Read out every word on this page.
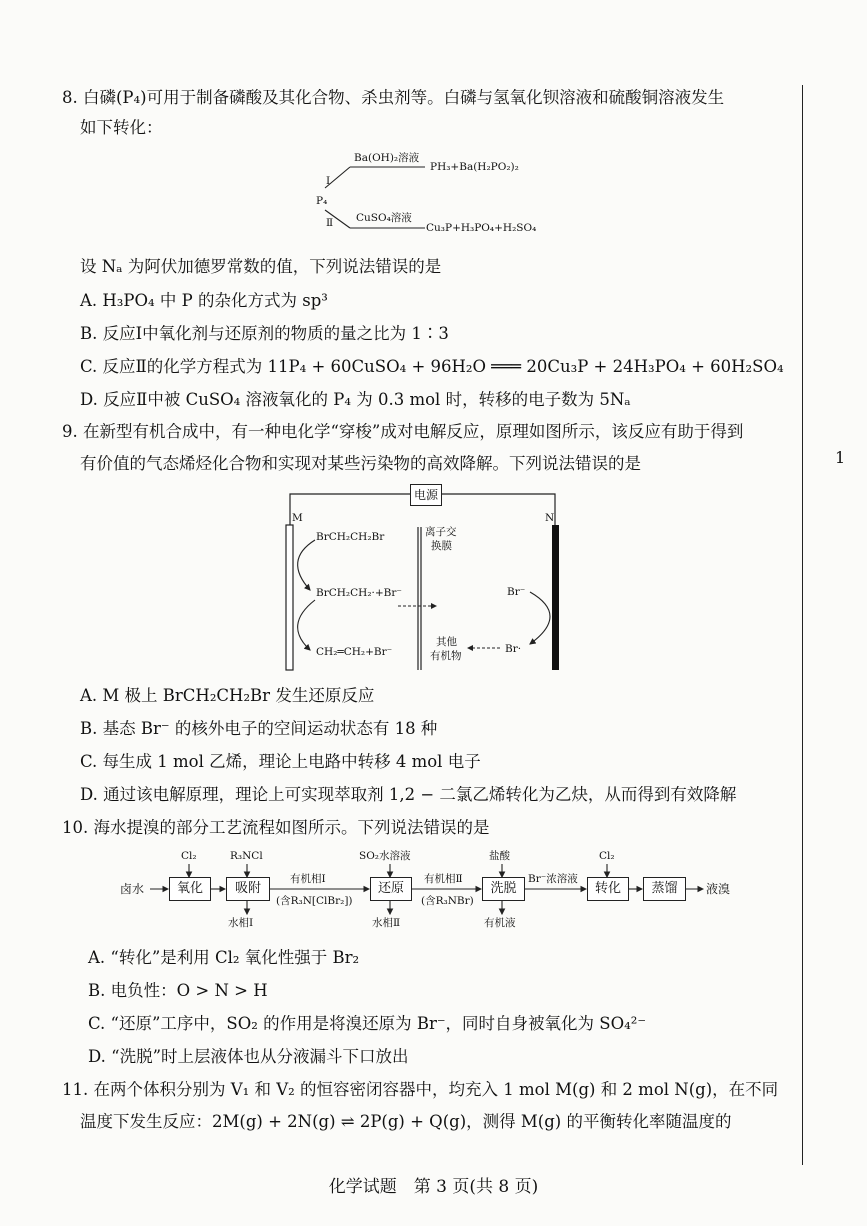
1
8. 白磷(P₄)可用于制备磷酸及其化合物、杀虫剂等。白磷与氢氧化钡溶液和硫酸铜溶液发生
如下转化：
P₄
Ⅰ
Ⅱ
Ba(OH)₂溶液
PH₃+Ba(H₂PO₂)₂
CuSO₄溶液
Cu₃P+H₃PO₄+H₂SO₄
设 Nₐ 为阿伏加德罗常数的值，下列说法错误的是
A. H₃PO₄ 中 P 的杂化方式为 sp³
B. 反应Ⅰ中氧化剂与还原剂的物质的量之比为 1∶3
C. 反应Ⅱ的化学方程式为 11P₄ + 60CuSO₄ + 96H₂O ═══ 20Cu₃P + 24H₃PO₄ + 60H₂SO₄
D. 反应Ⅱ中被 CuSO₄ 溶液氧化的 P₄ 为 0.3 mol 时，转移的电子数为 5Nₐ
9. 在新型有机合成中，有一种电化学“穿梭”成对电解反应，原理如图所示，该反应有助于得到
有价值的气态烯烃化合物和实现对某些污染物的高效降解。下列说法错误的是
电源
M	N
BrCH₂CH₂Br
BrCH₂CH₂·+Br⁻
CH₂═CH₂+Br⁻
离子交
换膜
Br⁻
Br·
其他
有机物
A. M 极上 BrCH₂CH₂Br 发生还原反应
B. 基态 Br⁻ 的核外电子的空间运动状态有 18 种
C. 每生成 1 mol 乙烯，理论上电路中转移 4 mol 电子
D. 通过该电解原理，理论上可实现萃取剂 1,2 − 二氯乙烯转化为乙炔，从而得到有效降解
10. 海水提溴的部分工艺流程如图所示。下列说法错误的是
卤水	氧化	吸附	还原	洗脱	转化	蒸馏	液溴
Cl₂	R₃NCl	SO₂水溶液	盐酸	Cl₂
有机相Ⅰ
(含R₃N[ClBr₂])
有机相Ⅱ
(含R₃NBr)
Br⁻浓溶液
水相Ⅰ	水相Ⅱ	有机液
A. “转化”是利用 Cl₂ 氧化性强于 Br₂
B. 电负性：O > N > H
C. “还原”工序中，SO₂ 的作用是将溴还原为 Br⁻，同时自身被氧化为 SO₄²⁻
D. “洗脱”时上层液体也从分液漏斗下口放出
11. 在两个体积分别为 V₁ 和 V₂ 的恒容密闭容器中，均充入 1 mol M(g) 和 2 mol N(g)，在不同
温度下发生反应：2M(g) + 2N(g) ⇌ 2P(g) + Q(g)，测得 M(g) 的平衡转化率随温度的
化学试题　第 3 页(共 8 页)
